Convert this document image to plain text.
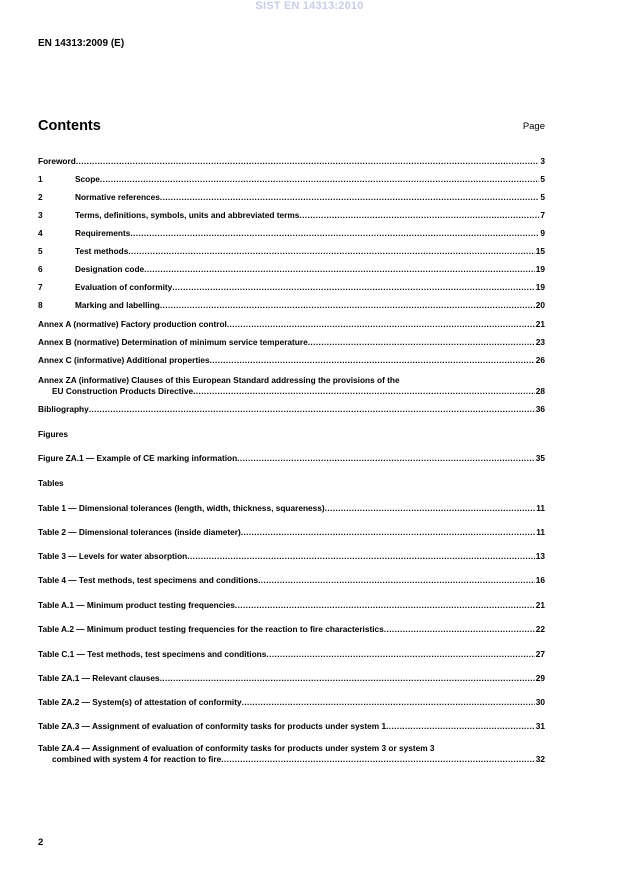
SIST EN 14313:2010
EN 14313:2009 (E)
Contents	Page
Foreword .....	3
1	Scope .....	5
2	Normative references .....	5
3	Terms, definitions, symbols, units and abbreviated terms .....	7
4	Requirements .....	9
5	Test methods .....	15
6	Designation code .....	19
7	Evaluation of conformity .....	19
8	Marking and labelling .....	20
Annex A (normative) Factory production control .....	21
Annex B (normative) Determination of minimum service temperature .....	23
Annex C (informative) Additional properties .....	26
Annex ZA (informative) Clauses of this European Standard addressing the provisions of the
EU Construction Products Directive .....	28
Bibliography .....	36
Figures
Figure ZA.1 — Example of CE marking information .....	35
Tables
Table 1 — Dimensional tolerances (length, width, thickness, squareness) .....	11
Table 2 — Dimensional tolerances (inside diameter) .....	11
Table 3 — Levels for water absorption .....	13
Table 4 — Test methods, test specimens and conditions .....	16
Table A.1 — Minimum product testing frequencies .....	21
Table A.2 — Minimum product testing frequencies for the reaction to fire characteristics .....	22
Table C.1 — Test methods, test specimens and conditions .....	27
Table ZA.1 — Relevant clauses .....	29
Table ZA.2 — System(s) of attestation of conformity .....	30
Table ZA.3 — Assignment of evaluation of conformity tasks for products under system 1 .....	31
Table ZA.4 — Assignment of evaluation of conformity tasks for products under system 3 or system 3
combined with system 4 for reaction to fire .....	32
2
